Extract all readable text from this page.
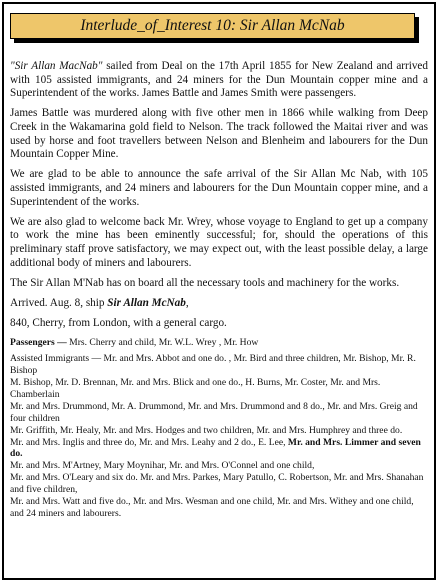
Interlude_of_Interest 10: Sir Allan McNab

"Sir Allan MacNab" sailed from Deal on the 17th April 1855 for New Zealand and arrived with 105 assisted immigrants, and 24 miners for the Dun Mountain copper mine and a Superintendent of the works. James Battle and James Smith were passengers.

James Battle was murdered along with five other men in 1866 while walking from Deep Creek in the Wakamarina gold field to Nelson. The track followed the Maitai river and was used by horse and foot travellers between Nelson and Blenheim and labourers for the Dun Mountain Copper Mine.

We are glad to be able to announce the safe arrival of the Sir Allan Mc Nab, with 105 assisted immigrants, and 24 miners and labourers for the Dun Mountain copper mine, and a Superintendent of the works.

We are also glad to welcome back Mr. Wrey, whose voyage to England to get up a company to work the mine has been eminently successful; for, should the operations of this preliminary staff prove satisfactory, we may expect out, with the least possible delay, a large additional body of miners and labourers.

The Sir Allan M'Nab has on board all the necessary tools and machinery for the works.

Arrived. Aug. 8, ship Sir Allan McNab,

840, Cherry, from London, with a general cargo.

Passengers — Mrs. Cherry and child, Mr. W.L. Wrey , Mr. How
Assisted Immigrants — Mr. and Mrs. Abbot and one do. , Mr. Bird and three children, Mr. Bishop, Mr. R. Bishop
M. Bishop, Mr. D. Brennan, Mr. and Mrs. Blick and one do., H. Burns, Mr. Coster, Mr. and Mrs. Chamberlain
Mr. and Mrs. Drummond, Mr. A. Drummond, Mr. and Mrs. Drummond and 8 do., Mr. and Mrs. Greig and four children
Mr. Griffith, Mr. Healy, Mr. and Mrs. Hodges and two children, Mr. and Mrs. Humphrey and three do.
Mr. and Mrs. Inglis and three do, Mr. and Mrs. Leahy and 2 do., E. Lee, Mr. and Mrs. Limmer and seven do.
Mr. and Mrs. M'Artney, Mary Moynihar, Mr. and Mrs. O'Connel and one child,
Mr. and Mrs. O'Leary and six do. Mr. and Mrs. Parkes, Mary Patullo, C. Robertson, Mr. and Mrs. Shanahan and five children,
Mr. and Mrs. Watt and five do., Mr. and Mrs. Wesman and one child, Mr. and Mrs. Withey and one child, and 24 miners and labourers.
